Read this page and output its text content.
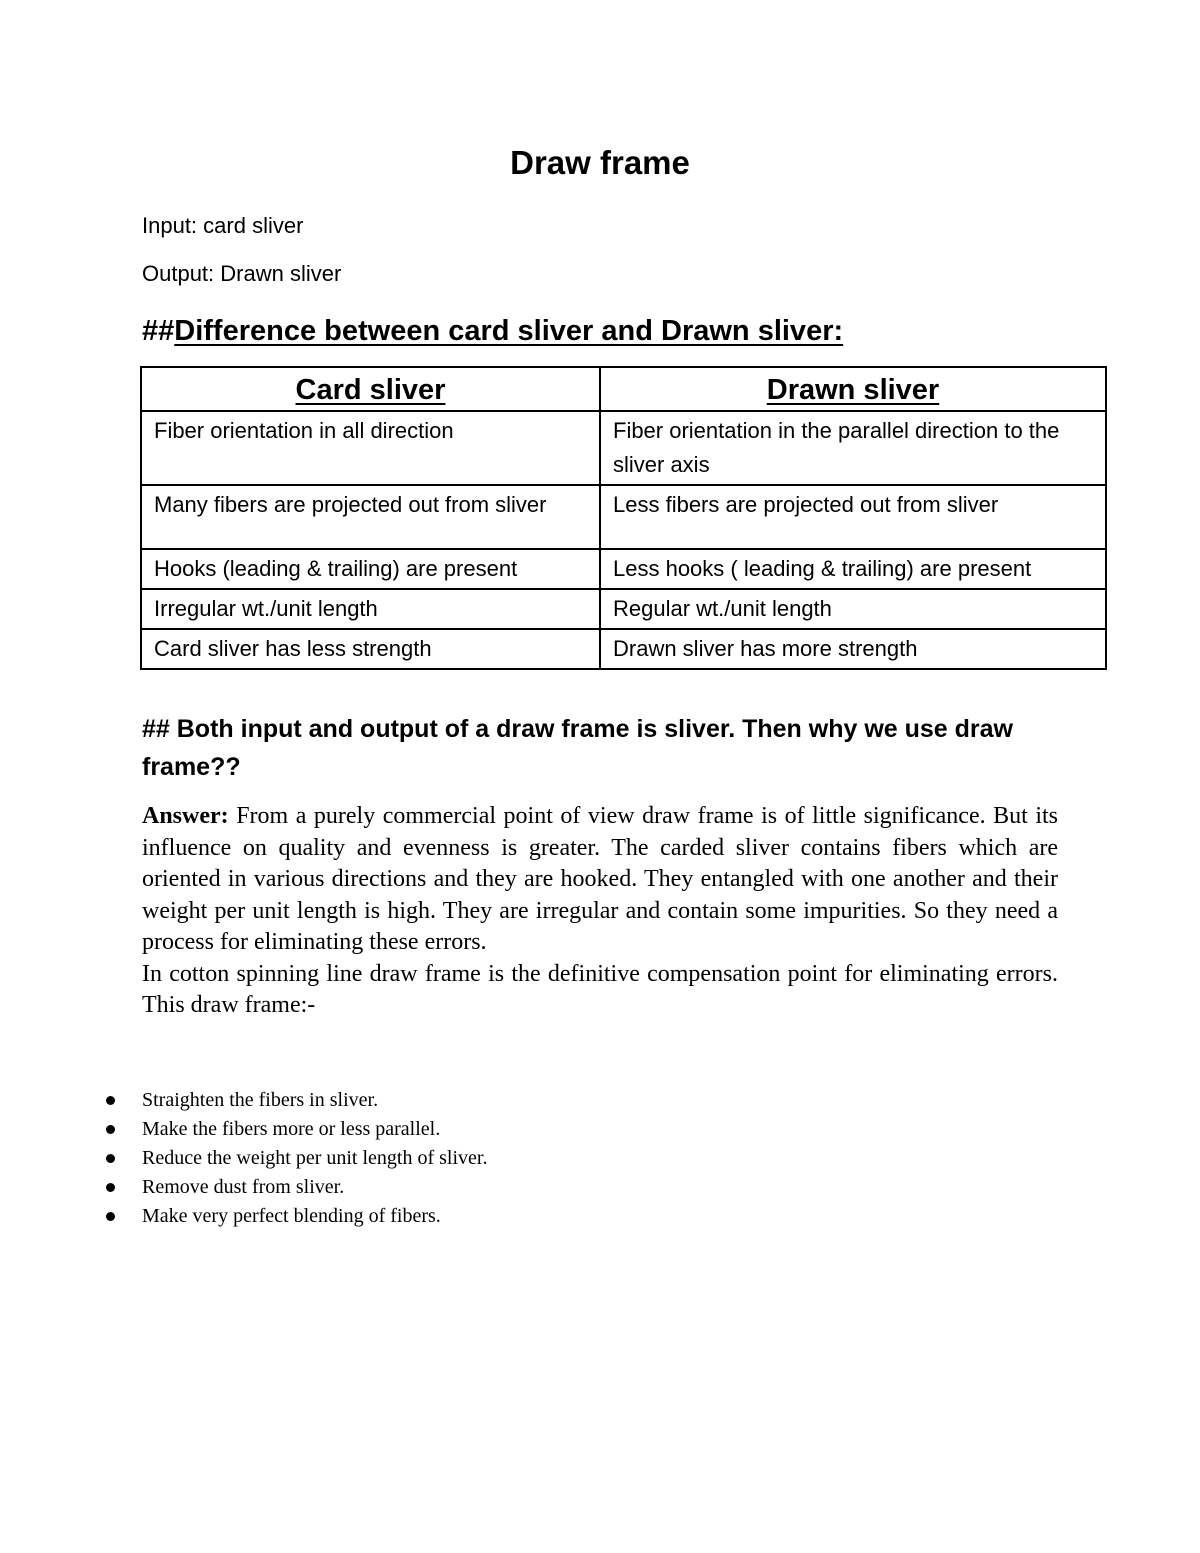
Draw frame

Input: card sliver

Output: Drawn sliver

##Difference between card sliver and Drawn sliver:
Card sliver	Drawn sliver
Fiber orientation in all direction	Fiber orientation in the parallel direction to the sliver axis
Many fibers are projected out from sliver	Less fibers are projected out from sliver
Hooks (leading & trailing) are present	Less hooks ( leading & trailing) are present
Irregular wt./unit length	Regular wt./unit length
Card sliver has less strength	Drawn sliver has more strength
## Both input and output of a draw frame is sliver. Then why we use draw frame??

Answer: From a purely commercial point of view draw frame is of little significance. But its influence on quality and evenness is greater. The carded sliver contains fibers which are oriented in various directions and they are hooked. They entangled with one another and their weight per unit length is high. They are irregular and contain some impurities. So they need a process for eliminating these errors.

In cotton spinning line draw frame is the definitive compensation point for eliminating errors. This draw frame:-

Straighten the fibers in sliver.
Make the fibers more or less parallel.
Reduce the weight per unit length of sliver.
Remove dust from sliver.
Make very perfect blending of fibers.
